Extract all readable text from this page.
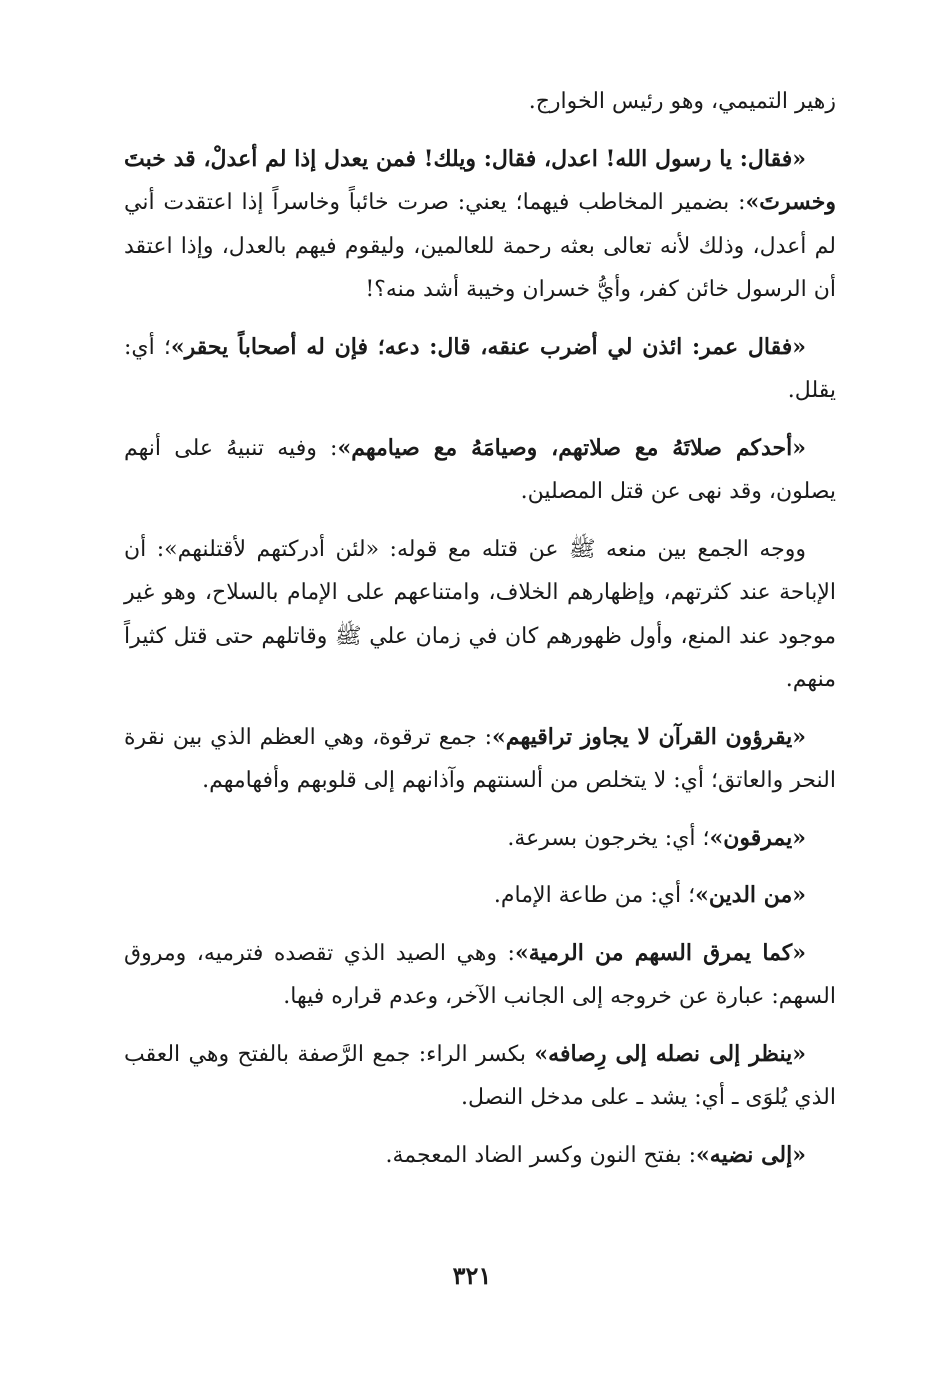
زهير التميمي، وهو رئيس الخوارج.

«فقال: يا رسول الله! اعدل، فقال: ويلك! فمن يعدل إذا لم أعدلْ، قد خبتَ وخسرتَ»: بضمير المخاطب فيهما؛ يعني: صرت خائباً وخاسراً إذا اعتقدت أني لم أعدل، وذلك لأنه تعالى بعثه رحمة للعالمين، وليقوم فيهم بالعدل، وإذا اعتقد أن الرسول خائن كفر، وأيُّ خسران وخيبة أشد منه؟!

«فقال عمر: ائذن لي أضرب عنقه، قال: دعه؛ فإن له أصحاباً يحقر»؛ أي: يقلل.

«أحدكم صلاتَهُ مع صلاتهم، وصيامَهُ مع صيامهم»: وفيه تنبيهُ على أنهم يصلون، وقد نهى عن قتل المصلين.

ووجه الجمع بين منعه ﷺ عن قتله مع قوله: «لئن أدركتهم لأقتلنهم»: أن الإباحة عند كثرتهم، وإظهارهم الخلاف، وامتناعهم على الإمام بالسلاح، وهو غير موجود عند المنع، وأول ظهورهم كان في زمان علي ﷺ وقاتلهم حتى قتل كثيراً منهم.

«يقرؤون القرآن لا يجاوز تراقيهم»: جمع ترقوة، وهي العظم الذي بين نقرة النحر والعاتق؛ أي: لا يتخلص من ألسنتهم وآذانهم إلى قلوبهم وأفهامهم.

«يمرقون»؛ أي: يخرجون بسرعة.

«من الدين»؛ أي: من طاعة الإمام.

«كما يمرق السهم من الرمية»: وهي الصيد الذي تقصده فترميه، ومروق السهم: عبارة عن خروجه إلى الجانب الآخر، وعدم قراره فيها.

«ينظر إلى نصله إلى رِصافه» بكسر الراء: جمع الرَّصفة بالفتح وهي العقب الذي يُلوَى ـ أي: يشد ـ على مدخل النصل.

«إلى نضيه»: بفتح النون وكسر الضاد المعجمة.

٣٢١
